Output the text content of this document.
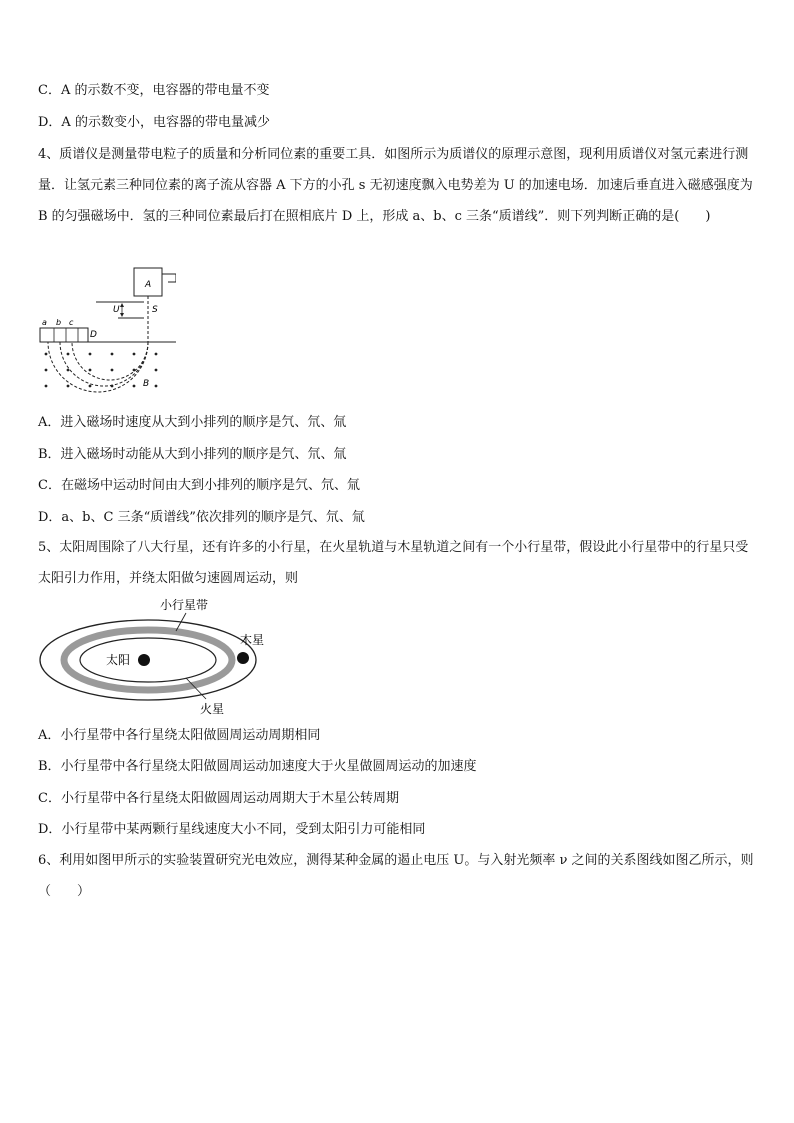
C．A 的示数不变，电容器的带电量不变
D．A 的示数变小，电容器的带电量减少
4、质谱仪是测量带电粒子的质量和分析同位素的重要工具．如图所示为质谱仪的原理示意图，现利用质谱仪对氢元素进行测量．让氢元素三种同位素的离子流从容器 A 下方的小孔 s 无初速度飘入电势差为 U 的加速电场．加速后垂直进入磁感强度为 B 的匀强磁场中．氢的三种同位素最后打在照相底片 D 上，形成 a、b、c 三条“质谱线”．则下列判断正确的是(　　)
A
U	S
a b c
D
B
A．进入磁场时速度从大到小排列的顺序是氕、氘、氚
B．进入磁场时动能从大到小排列的顺序是氕、氘、氚
C．在磁场中运动时间由大到小排列的顺序是氕、氘、氚
D．a、b、C 三条“质谱线”依次排列的顺序是氕、氘、氚
5、太阳周围除了八大行星，还有许多的小行星，在火星轨道与木星轨道之间有一个小行星带，假设此小行星带中的行星只受太阳引力作用，并绕太阳做匀速圆周运动，则
太阳
木星
小行星带
火星
A．小行星带中各行星绕太阳做圆周运动周期相同
B．小行星带中各行星绕太阳做圆周运动加速度大于火星做圆周运动的加速度
C．小行星带中各行星绕太阳做圆周运动周期大于木星公转周期
D．小行星带中某两颗行星线速度大小不同，受到太阳引力可能相同
6、利用如图甲所示的实验装置研究光电效应，测得某种金属的遏止电压 U。与入射光频率 ν 之间的关系图线如图乙所示，则（　　）
